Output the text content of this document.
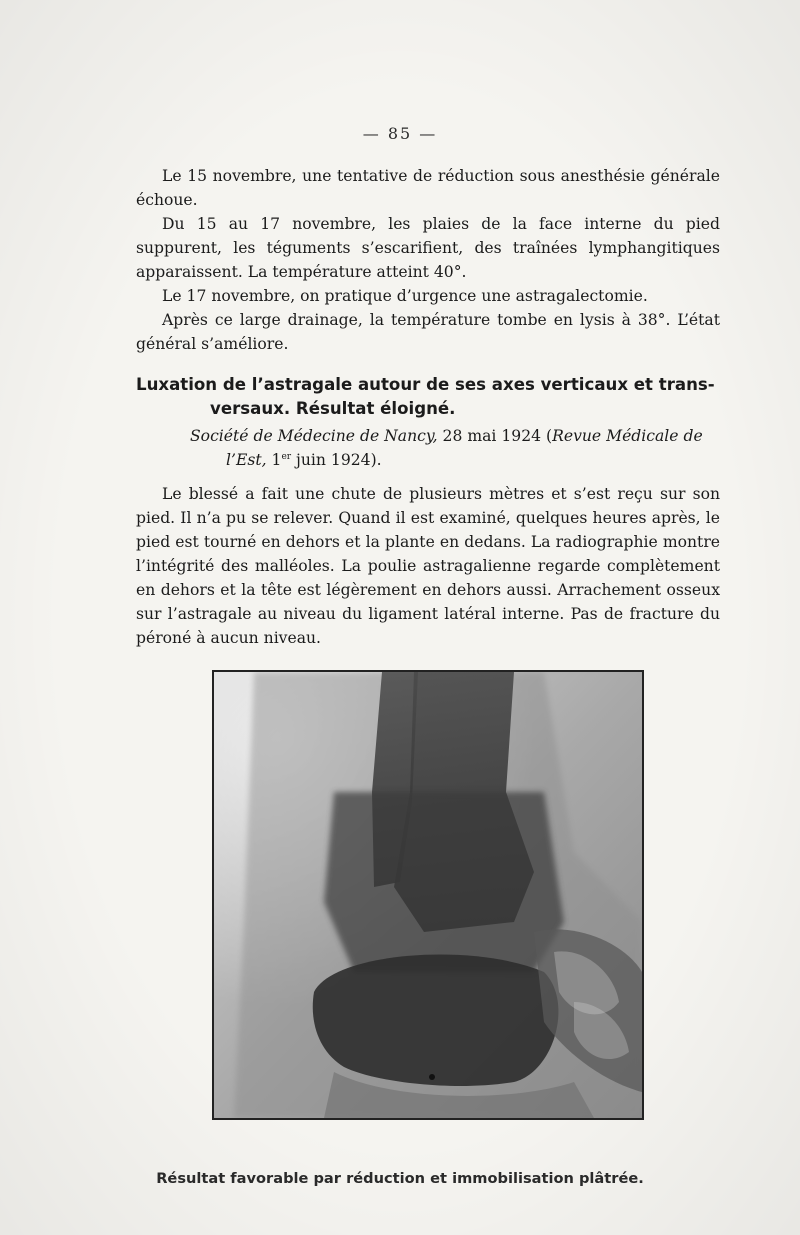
— 85 —

Le 15 novembre, une tentative de réduction sous anesthésie générale échoue.

Du 15 au 17 novembre, les plaies de la face interne du pied suppurent, les téguments s’escarifient, des traînées lymphangitiques apparaissent. La température atteint 40°.

Le 17 novembre, on pratique d’urgence une astragalectomie.

Après ce large drainage, la température tombe en lysis à 38°. L’état général s’améliore.

Luxation de l’astragale autour de ses axes verticaux et trans-
versaux. Résultat éloigné.
Société de Médecine de Nancy, 28 mai 1924 (Revue Médicale de
l’Est, 1er juin 1924).

Le blessé a fait une chute de plusieurs mètres et s’est reçu sur son pied. Il n’a pu se relever. Quand il est examiné, quelques heures après, le pied est tourné en dehors et la plante en dedans. La radiographie montre l’intégrité des malléoles. La poulie astragalienne regarde complètement en dehors et la tête est légèrement en dehors aussi. Arrachement osseux sur l’astragale au niveau du ligament latéral interne. Pas de fracture du péroné à aucun niveau.

Résultat favorable par réduction et immobilisation plâtrée.
